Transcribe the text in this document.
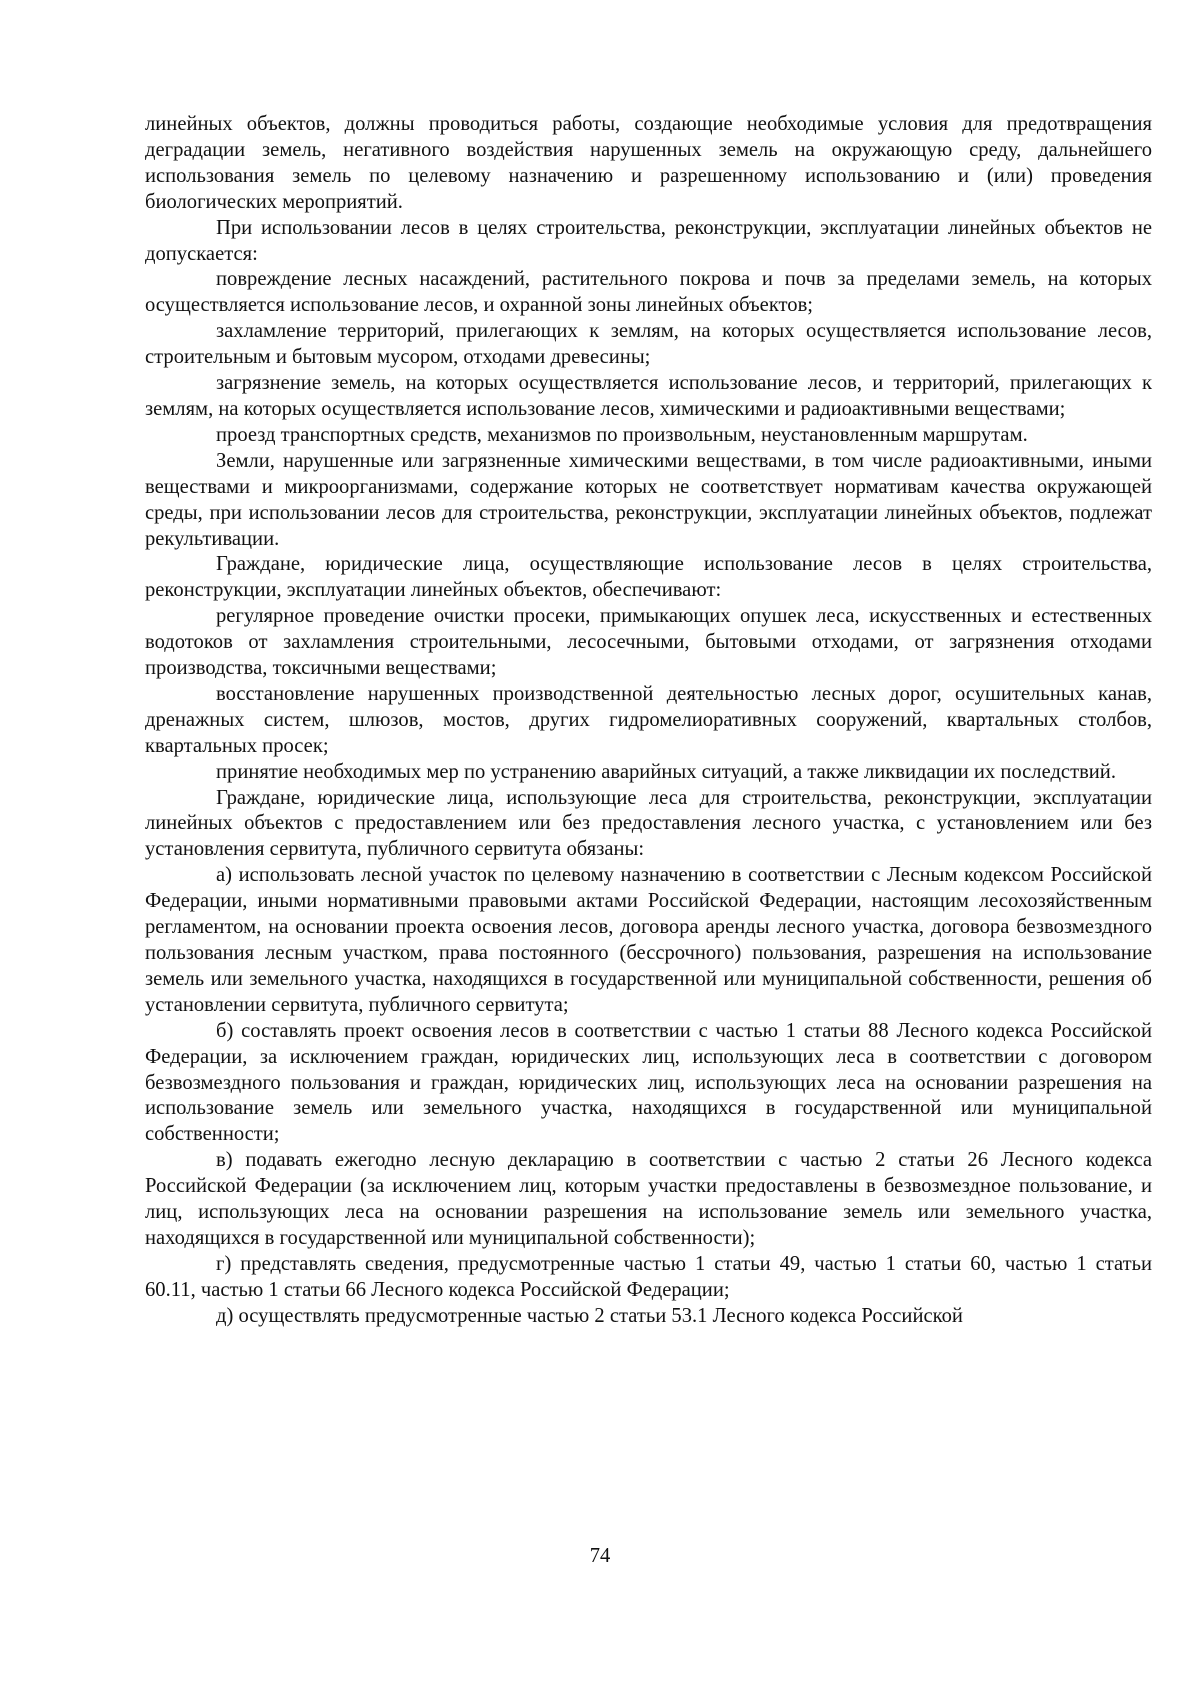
линейных объектов, должны проводиться работы, создающие необходимые условия для предотвращения деградации земель, негативного воздействия нарушенных земель на окружающую среду, дальнейшего использования земель по целевому назначению и разрешенному использованию и (или) проведения биологических мероприятий.

При использовании лесов в целях строительства, реконструкции, эксплуатации линейных объектов не допускается:

повреждение лесных насаждений, растительного покрова и почв за пределами земель, на которых осуществляется использование лесов, и охранной зоны линейных объектов;

захламление территорий, прилегающих к землям, на которых осуществляется использование лесов, строительным и бытовым мусором, отходами древесины;

загрязнение земель, на которых осуществляется использование лесов, и территорий, прилегающих к землям, на которых осуществляется использование лесов, химическими и радиоактивными веществами;

проезд транспортных средств, механизмов по произвольным, неустановленным маршрутам.

Земли, нарушенные или загрязненные химическими веществами, в том числе радиоактивными, иными веществами и микроорганизмами, содержание которых не соответствует нормативам качества окружающей среды, при использовании лесов для строительства, реконструкции, эксплуатации линейных объектов, подлежат рекультивации.

Граждане, юридические лица, осуществляющие использование лесов в целях строительства, реконструкции, эксплуатации линейных объектов, обеспечивают:

регулярное проведение очистки просеки, примыкающих опушек леса, искусственных и естественных водотоков от захламления строительными, лесосечными, бытовыми отходами, от загрязнения отходами производства, токсичными веществами;

восстановление нарушенных производственной деятельностью лесных дорог, осушительных канав, дренажных систем, шлюзов, мостов, других гидромелиоративных сооружений, квартальных столбов, квартальных просек;

принятие необходимых мер по устранению аварийных ситуаций, а также ликвидации их последствий.

Граждане, юридические лица, использующие леса для строительства, реконструкции, эксплуатации линейных объектов с предоставлением или без предоставления лесного участка, с установлением или без установления сервитута, публичного сервитута обязаны:

а) использовать лесной участок по целевому назначению в соответствии с Лесным кодексом Российской Федерации, иными нормативными правовыми актами Российской Федерации, настоящим лесохозяйственным регламентом, на основании проекта освоения лесов, договора аренды лесного участка, договора безвозмездного пользования лесным участком, права постоянного (бессрочного) пользования, разрешения на использование земель или земельного участка, находящихся в государственной или муниципальной собственности, решения об установлении сервитута, публичного сервитута;

б) составлять проект освоения лесов в соответствии с частью 1 статьи 88 Лесного кодекса Российской Федерации, за исключением граждан, юридических лиц, использующих леса в соответствии с договором безвозмездного пользования и граждан, юридических лиц, использующих леса на основании разрешения на использование земель или земельного участка, находящихся в государственной или муниципальной собственности;

в) подавать ежегодно лесную декларацию в соответствии с частью 2 статьи 26 Лесного кодекса Российской Федерации (за исключением лиц, которым участки предоставлены в безвозмездное пользование, и лиц, использующих леса на основании разрешения на использование земель или земельного участка, находящихся в государственной или муниципальной собственности);

г) представлять сведения, предусмотренные частью 1 статьи 49, частью 1 статьи 60, частью 1 статьи 60.11, частью 1 статьи 66 Лесного кодекса Российской Федерации;

д) осуществлять предусмотренные частью 2 статьи 53.1 Лесного кодекса Российской

74
